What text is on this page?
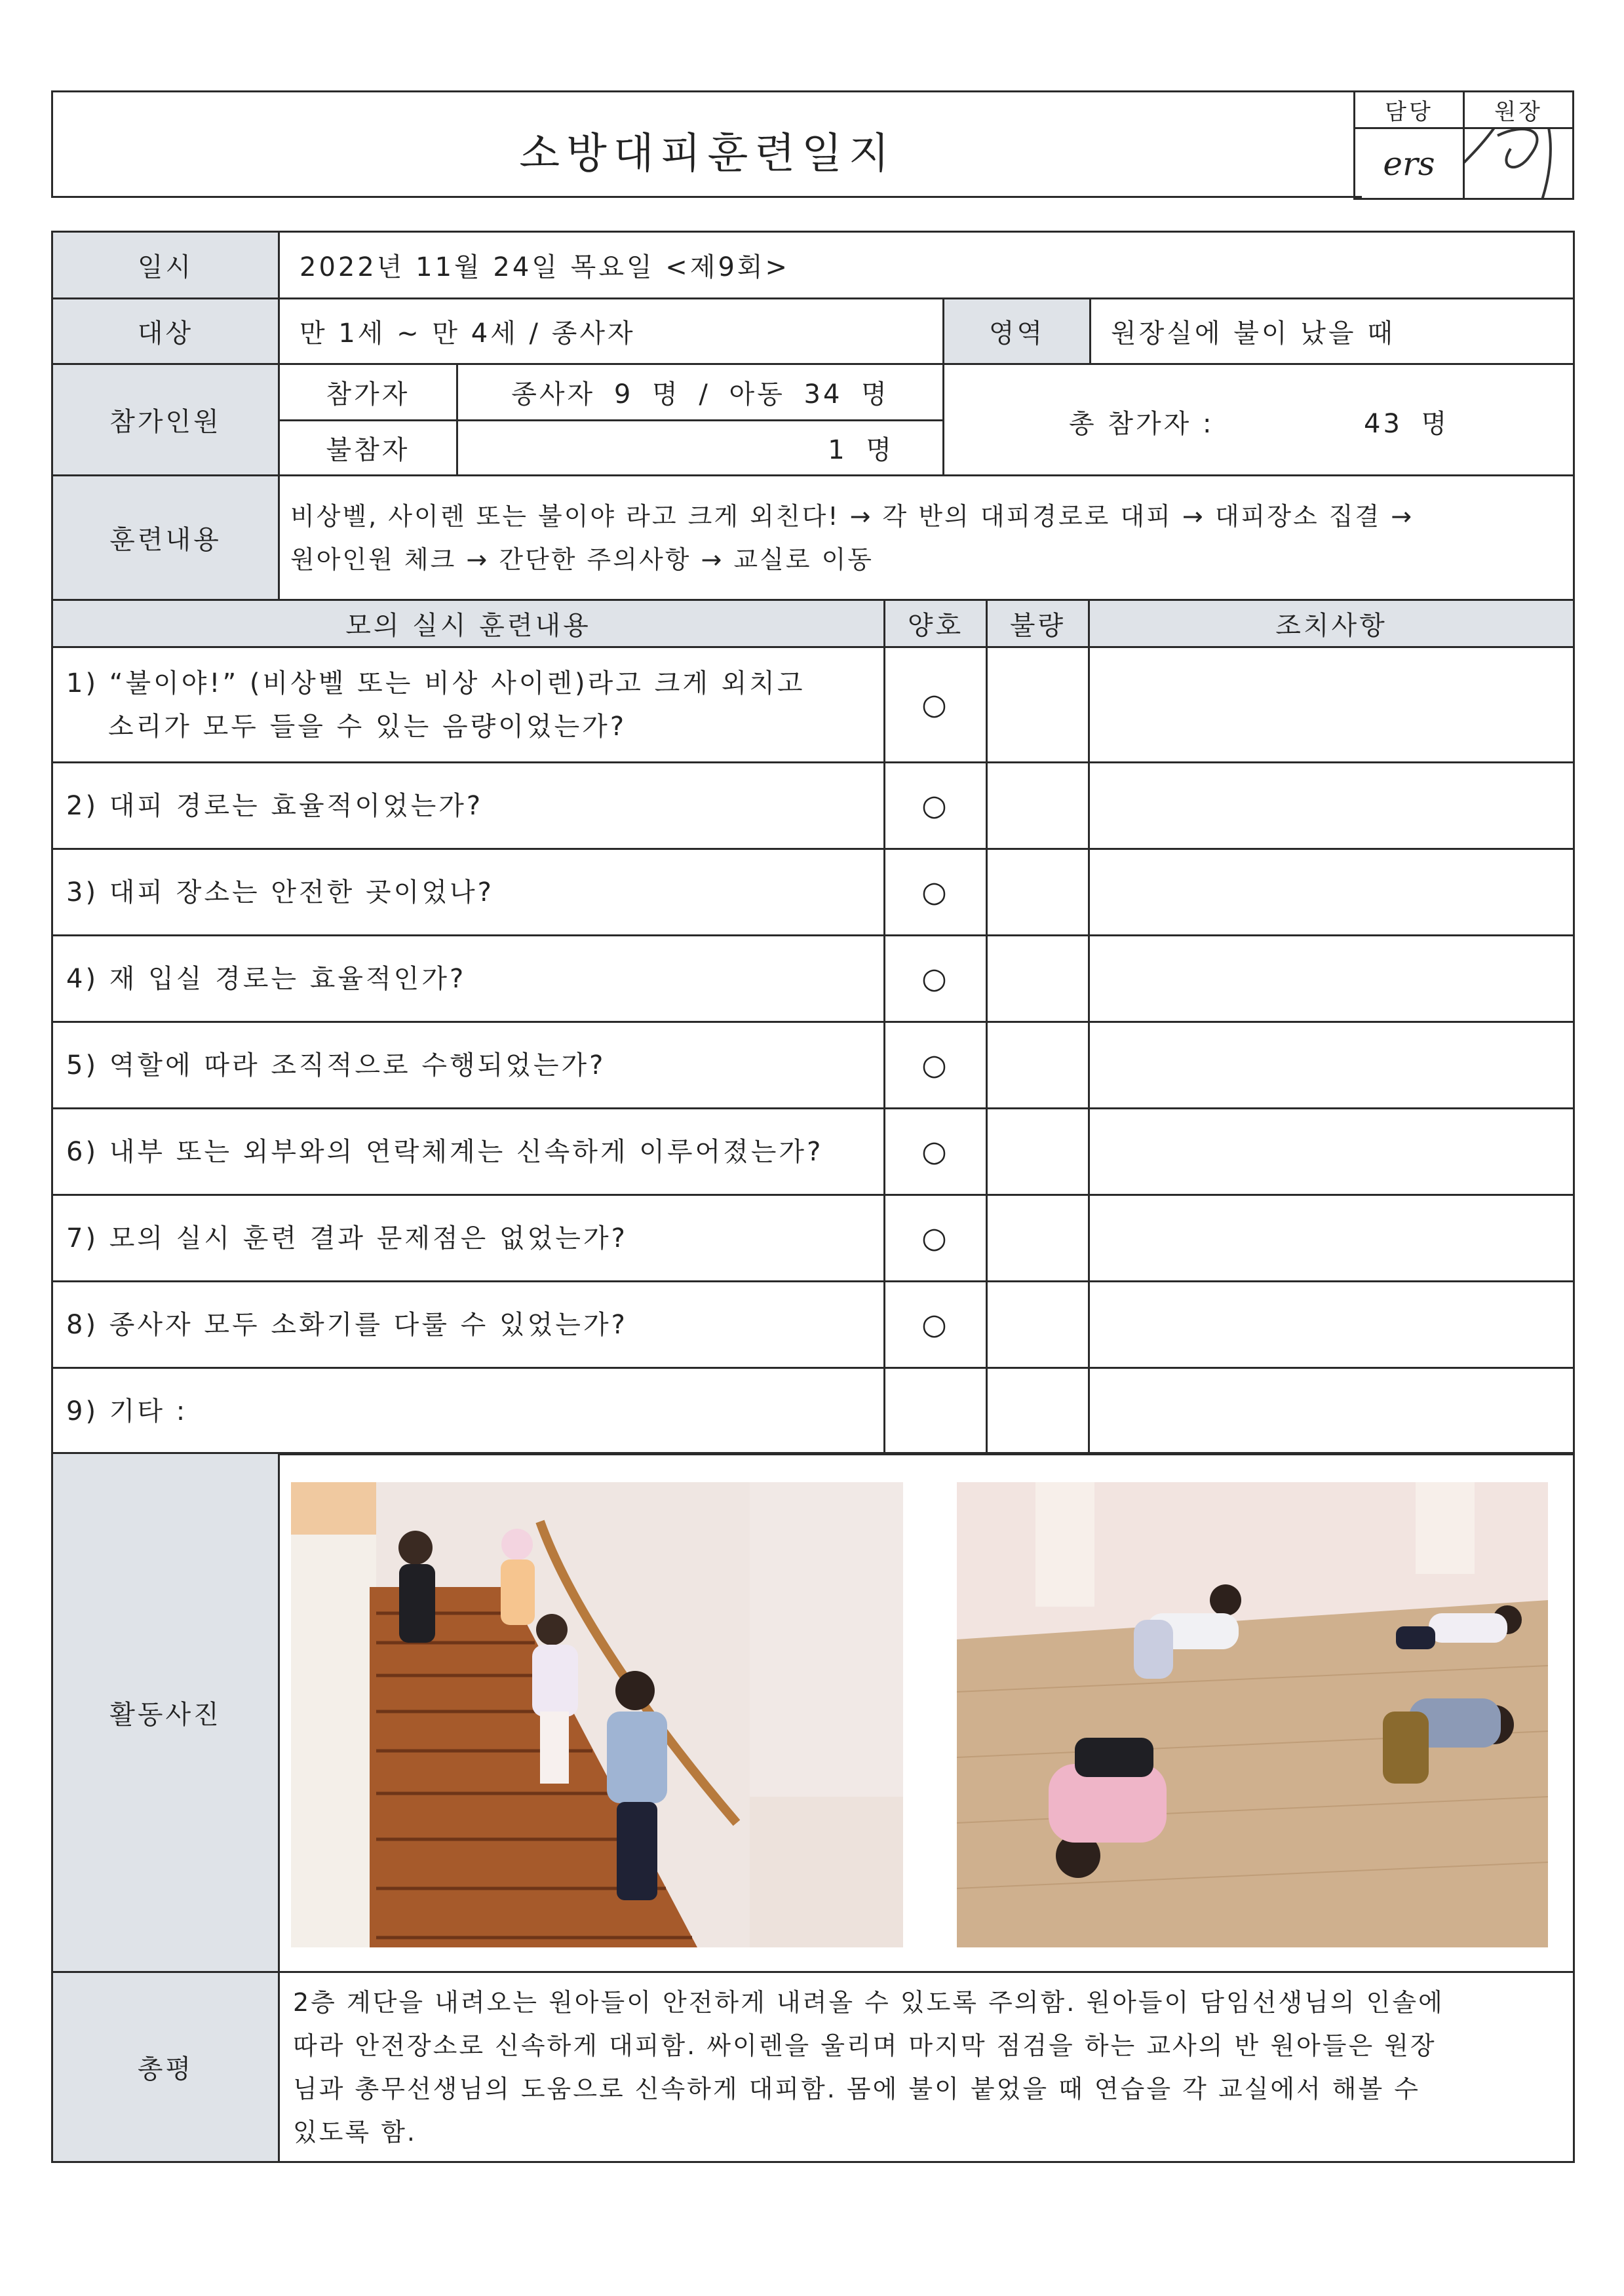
소방대피훈련일지
담당	원장
ers	
일시	2022년 11월 24일 목요일 <제9회>			
대상	만 1세 ~ 만 4세 / 종사자		영역	원장실에 불이 났을 때
참가인원	참가자	종사자 9 명 / 아동 34 명	총 참가자 : 43 명	

	불참자	1 명		
훈련내용	비상벨, 사이렌 또는 불이야 라고 크게 외친다! → 각 반의 대피경로로 대피 → 대피장소 집결 →
원아인원 체크 → 간단한 주의사항 → 교실로 이동			
모의 실시 훈련내용	양호	불량	조치사항

1) “불이야!” (비상벨 또는 비상 사이렌)라고 크게 외치고
소리가 모두 들을 수 있는 음량이었는가?	○		
2) 대피 경로는 효율적이었는가?	○		
3) 대피 장소는 안전한 곳이었나?	○		
4) 재 입실 경로는 효율적인가?	○		
5) 역할에 따라 조직적으로 수행되었는가?	○		
6) 내부 또는 외부와의 연락체계는 신속하게 이루어졌는가?	○		
7) 모의 실시 훈련 결과 문제점은 없었는가?	○		
8) 종사자 모두 소화기를 다룰 수 있었는가?	○		
9) 기타 :			
활동사진	
총평	2층 계단을 내려오는 원아들이 안전하게 내려올 수 있도록 주의함. 원아들이 담임선생님의 인솔에
따라 안전장소로 신속하게 대피함. 싸이렌을 울리며 마지막 점검을 하는 교사의 반 원아들은 원장
님과 총무선생님의 도움으로 신속하게 대피함. 몸에 불이 붙었을 때 연습을 각 교실에서 해볼 수
있도록 함.
